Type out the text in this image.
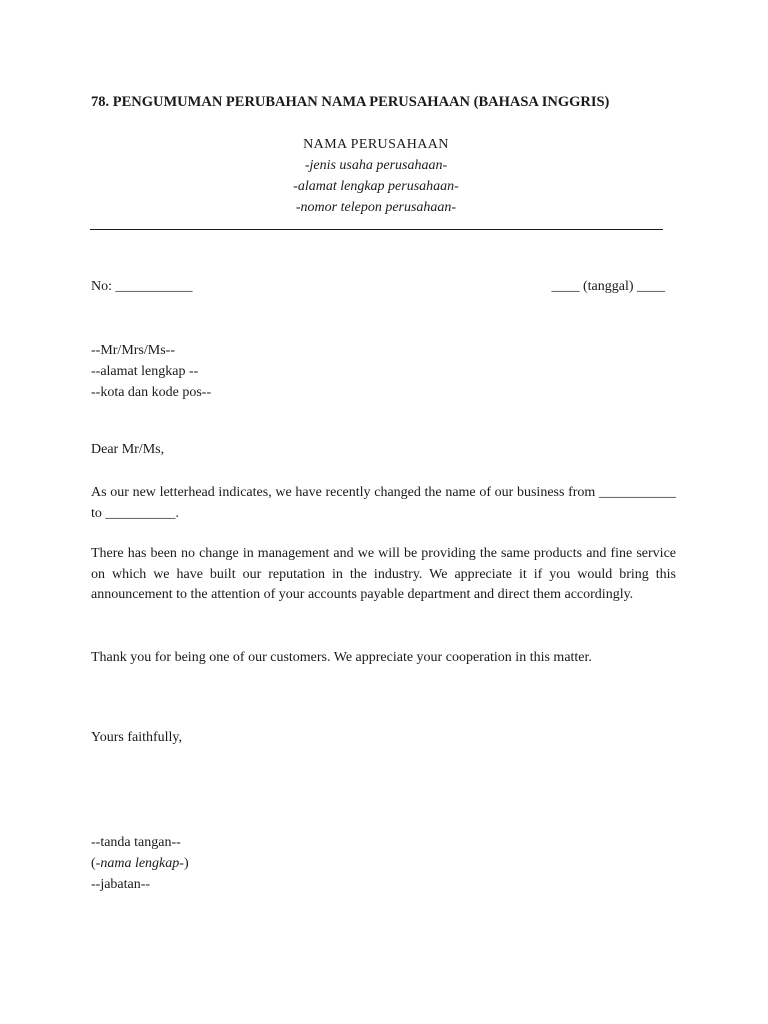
78. PENGUMUMAN PERUBAHAN NAMA PERUSAHAAN (BAHASA INGGRIS)
NAMA PERUSAHAAN
-jenis usaha perusahaan-
-alamat lengkap perusahaan-
-nomor telepon perusahaan-
No: ___________	____ (tanggal) ____
--Mr/Mrs/Ms--
--alamat lengkap --
--kota dan kode pos--
Dear Mr/Ms,
As our new letterhead indicates, we have recently changed the name of our business from ___________ to __________.
There has been no change in management and we will be providing the same products and fine service on which we have built our reputation in the industry. We appreciate it if you would bring this announcement to the attention of your accounts payable department and direct them accordingly.
Thank you for being one of our customers. We appreciate your cooperation in this matter.
Yours faithfully,
--tanda tangan--
(-nama lengkap-)
--jabatan--
